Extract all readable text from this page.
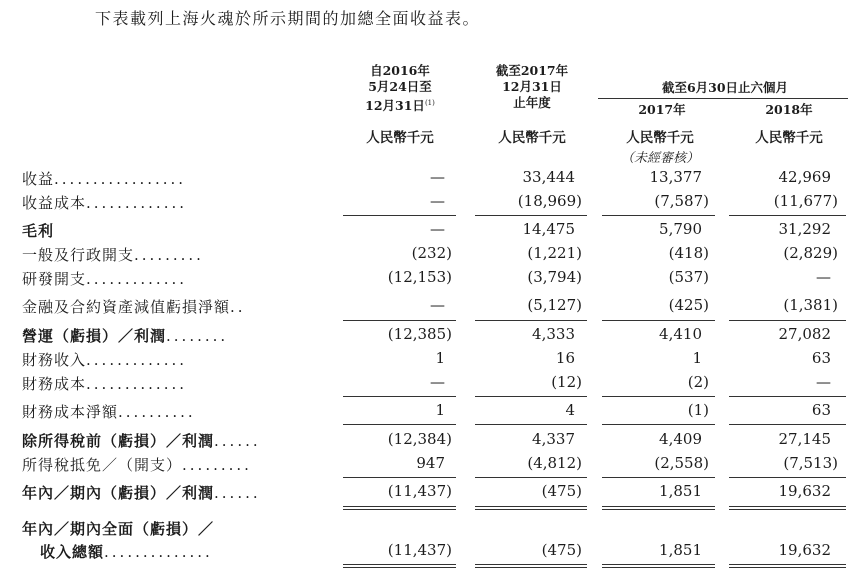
下表載列上海火魂於所示期間的加總全面收益表。
自2016年
5月24日至
12月31日$^{(1)}$
截至2017年
12月31日
止年度
截至6月30日止六個月
2017年	2018年
人民幣千元	人民幣千元	人民幣千元	人民幣千元
（未經審核）
收益.................	—	33,444	13,377	42,969
收益成本.............	—	(18,969)	(7,587)	(11,677)
毛利	—	14,475	5,790	31,292
一般及行政開支.........	(232)	(1,221)	(418)	(2,829)
研發開支.............	(12,153)	(3,794)	(537)	—
金融及合約資產減值虧損淨額..	—	(5,127)	(425)	(1,381)
營運（虧損）／利潤........	(12,385)	4,333	4,410	27,082
財務收入.............	1	16	1	63
財務成本.............	—	(12)	(2)	—
財務成本淨額..........	1	4	(1)	63
除所得稅前（虧損）／利潤......	(12,384)	4,337	4,409	27,145
所得稅抵免／（開支）.........	947	(4,812)	(2,558)	(7,513)
年內／期內（虧損）／利潤......	(11,437)	(475)	1,851	19,632
年內／期內全面（虧損）／
收入總額..............	(11,437)	(475)	1,851	19,632
